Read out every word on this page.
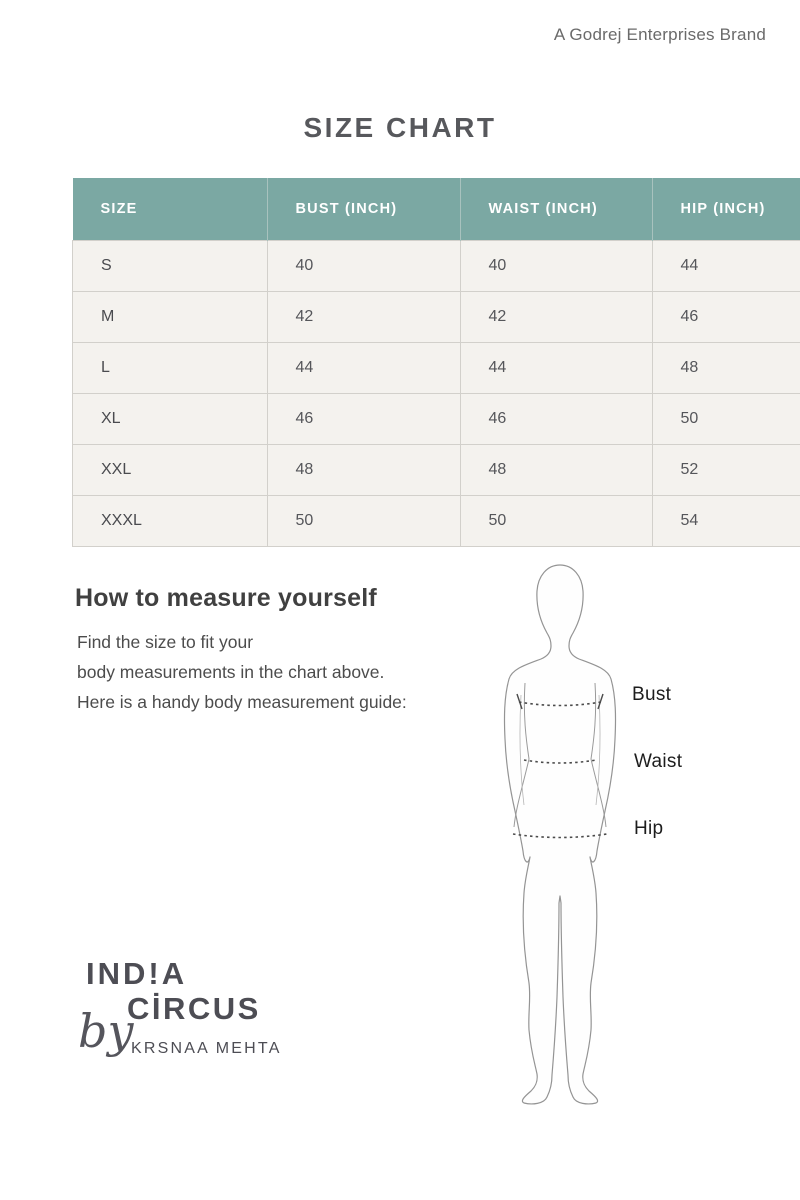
A Godrej Enterprises Brand
SIZE CHART
SIZE	BUST (INCH)	WAIST (INCH)	HIP (INCH)
S	40	40	44
M	42	42	46
L	44	44	48
XL	46	46	50
XXL	48	48	52
XXXL	50	50	54
How to measure yourself
Find the size to fit your
body measurements in the chart above.
Here is a handy body measurement guide:	Bust
Waist
Hip
IND!A
CİRCUS
by
KRSNAA MEHTA
